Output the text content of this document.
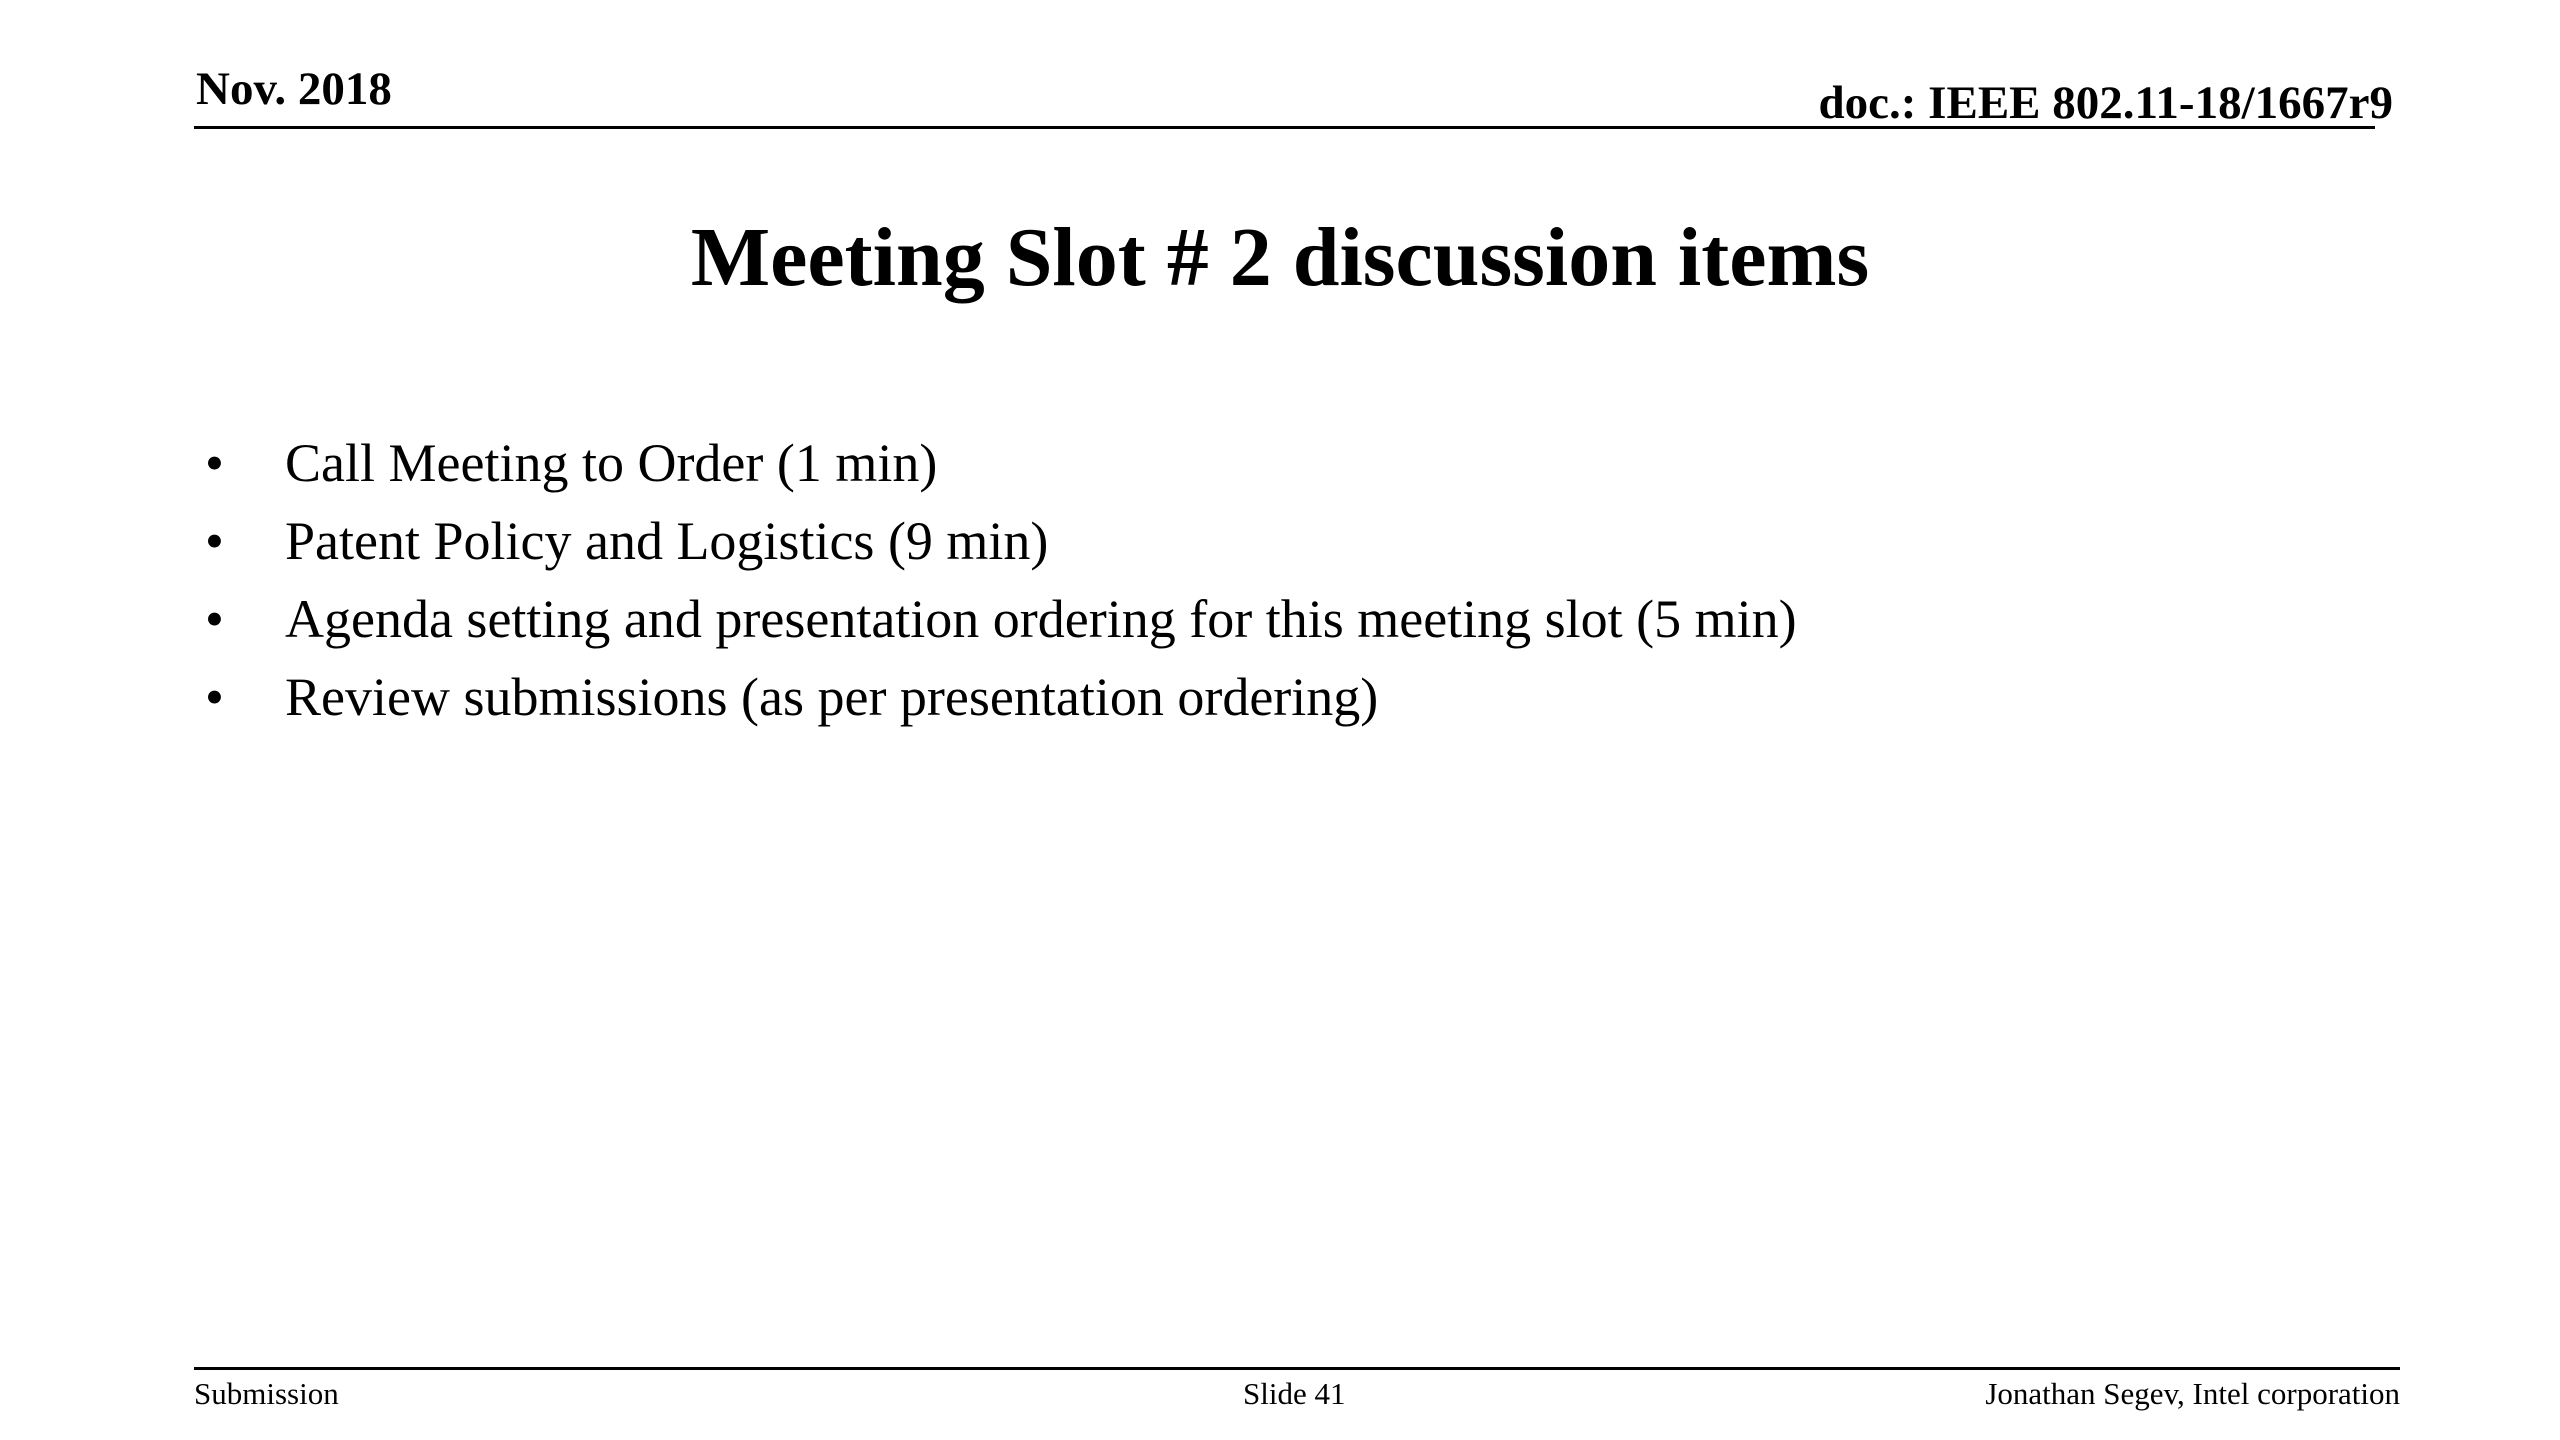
Nov. 2018	doc.: IEEE 802.11-18/1667r9
Meeting Slot # 2 discussion items
•	Call Meeting to Order (1 min)
•	Patent Policy and Logistics (9 min)
•	Agenda setting and presentation ordering for this meeting slot (5 min)
•	Review submissions (as per presentation ordering)
Submission	Slide 41	Jonathan Segev, Intel corporation
